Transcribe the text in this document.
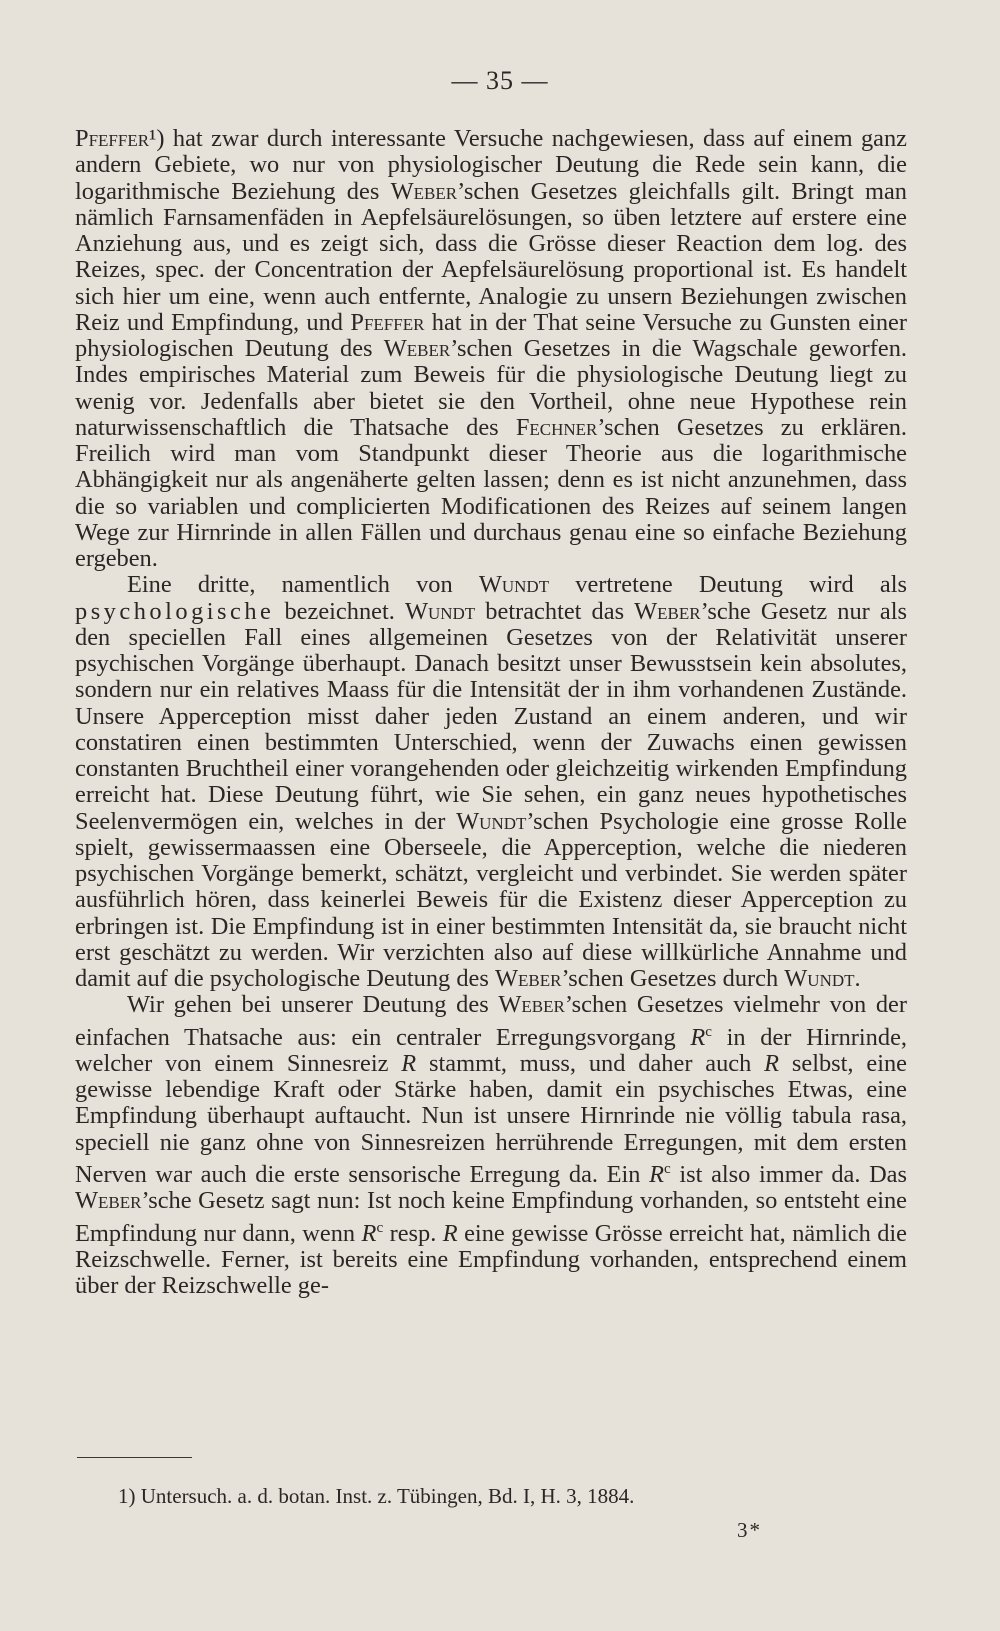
— 35 —

Pfeffer¹) hat zwar durch interessante Versuche nachgewiesen, dass auf einem ganz andern Gebiete, wo nur von physiologischer Deutung die Rede sein kann, die logarithmische Beziehung des Weber’schen Gesetzes gleichfalls gilt. Bringt man nämlich Farnsamenfäden in Aepfelsäurelösungen, so üben letztere auf erstere eine Anziehung aus, und es zeigt sich, dass die Grösse dieser Reaction dem log. des Reizes, spec. der Concentration der Aepfelsäurelösung proportional ist. Es handelt sich hier um eine, wenn auch entfernte, Analogie zu unsern Beziehungen zwischen Reiz und Empfindung, und Pfeffer hat in der That seine Versuche zu Gunsten einer physiologischen Deutung des Weber’schen Gesetzes in die Wagschale geworfen. Indes empirisches Material zum Beweis für die physiologische Deutung liegt zu wenig vor. Jedenfalls aber bietet sie den Vortheil, ohne neue Hypothese rein naturwissenschaftlich die Thatsache des Fechner’schen Gesetzes zu erklären. Freilich wird man vom Standpunkt dieser Theorie aus die logarithmische Abhängigkeit nur als angenäherte gelten lassen; denn es ist nicht anzunehmen, dass die so variablen und complicierten Modificationen des Reizes auf seinem langen Wege zur Hirnrinde in allen Fällen und durchaus genau eine so einfache Beziehung ergeben.

Eine dritte, namentlich von Wundt vertretene Deutung wird als psychologische bezeichnet. Wundt betrachtet das Weber’sche Gesetz nur als den speciellen Fall eines allgemeinen Gesetzes von der Relativität unserer psychischen Vorgänge überhaupt. Danach besitzt unser Bewusstsein kein absolutes, sondern nur ein relatives Maass für die Intensität der in ihm vorhandenen Zustände. Unsere Apperception misst daher jeden Zustand an einem anderen, und wir constatiren einen bestimmten Unterschied, wenn der Zuwachs einen gewissen constanten Bruchtheil einer vorangehenden oder gleichzeitig wirkenden Empfindung erreicht hat. Diese Deutung führt, wie Sie sehen, ein ganz neues hypothetisches Seelenvermögen ein, welches in der Wundt’schen Psychologie eine grosse Rolle spielt, gewissermaassen eine Oberseele, die Apperception, welche die niederen psychischen Vorgänge bemerkt, schätzt, vergleicht und verbindet. Sie werden später ausführlich hören, dass keinerlei Beweis für die Existenz dieser Apperception zu erbringen ist. Die Empfindung ist in einer bestimmten Intensität da, sie braucht nicht erst geschätzt zu werden. Wir verzichten also auf diese willkürliche Annahme und damit auf die psychologische Deutung des Weber’schen Gesetzes durch Wundt.

Wir gehen bei unserer Deutung des Weber’schen Gesetzes vielmehr von der einfachen Thatsache aus: ein centraler Erregungsvorgang $R^c$ in der Hirnrinde, welcher von einem Sinnesreiz R stammt, muss, und daher auch R selbst, eine gewisse lebendige Kraft oder Stärke haben, damit ein psychisches Etwas, eine Empfindung überhaupt auftaucht. Nun ist unsere Hirnrinde nie völlig tabula rasa, speciell nie ganz ohne von Sinnesreizen herrührende Erregungen, mit dem ersten Nerven war auch die erste sensorische Erregung da. Ein $R^c$ ist also immer da. Das Weber’sche Gesetz sagt nun: Ist noch keine Empfindung vorhanden, so entsteht eine Empfindung nur dann, wenn $R^c$ resp. R eine gewisse Grösse erreicht hat, nämlich die Reizschwelle. Ferner, ist bereits eine Empfindung vorhanden, entsprechend einem über der Reizschwelle ge-

1) Untersuch. a. d. botan. Inst. z. Tübingen, Bd. I, H. 3, 1884.
3*
